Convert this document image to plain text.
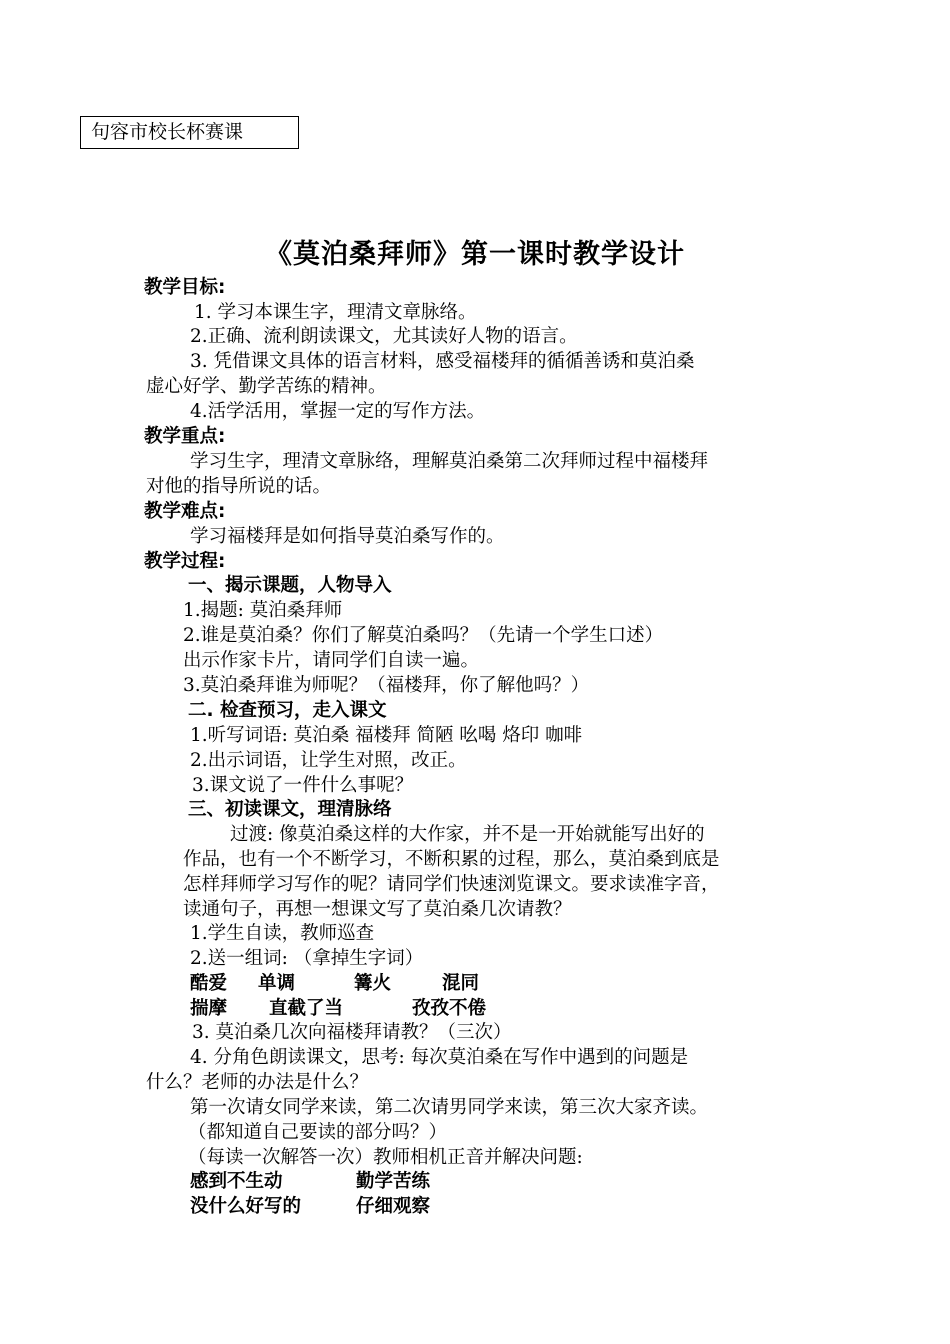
句容市校长杯赛课
《莫泊桑拜师》第一课时教学设计
教学目标:
1. 学习本课生字，理清文章脉络。
2.正确、流利朗读课文，尤其读好人物的语言。
3. 凭借课文具体的语言材料，感受福楼拜的循循善诱和莫泊桑
虚心好学、勤学苦练的精神。
4.活学活用，掌握一定的写作方法。
教学重点:
学习生字，理清文章脉络，理解莫泊桑第二次拜师过程中福楼拜
对他的指导所说的话。
教学难点:
学习福楼拜是如何指导莫泊桑写作的。
教学过程:
一、揭示课题，人物导入
1.揭题: 莫泊桑拜师
2.谁是莫泊桑？你们了解莫泊桑吗？（先请一个学生口述）
出示作家卡片，请同学们自读一遍。
3.莫泊桑拜谁为师呢？（福楼拜，你了解他吗？）
二. 检查预习，走入课文
1.听写词语: 莫泊桑 福楼拜 简陋 吆喝 烙印 咖啡
2.出示词语，让学生对照，改正。
3.课文说了一件什么事呢？
三、初读课文，理清脉络
过渡: 像莫泊桑这样的大作家，并不是一开始就能写出好的
作品，也有一个不断学习，不断积累的过程，那么，莫泊桑到底是
怎样拜师学习写作的呢？请同学们快速浏览课文。要求读准字音，
读通句子，再想一想课文写了莫泊桑几次请教？
1.学生自读，教师巡查
2.送一组词: （拿掉生字词）
酷爱 单调	篝火	混同
揣摩 直截了当	孜孜不倦
3. 莫泊桑几次向福楼拜请教？（三次）
4. 分角色朗读课文，思考: 每次莫泊桑在写作中遇到的问题是
什么？老师的办法是什么？
第一次请女同学来读，第二次请男同学来读，第三次大家齐读。
（都知道自己要读的部分吗？）
（每读一次解答一次）教师相机正音并解决问题:
感到不生动	勤学苦练
没什么好写的	仔细观察
